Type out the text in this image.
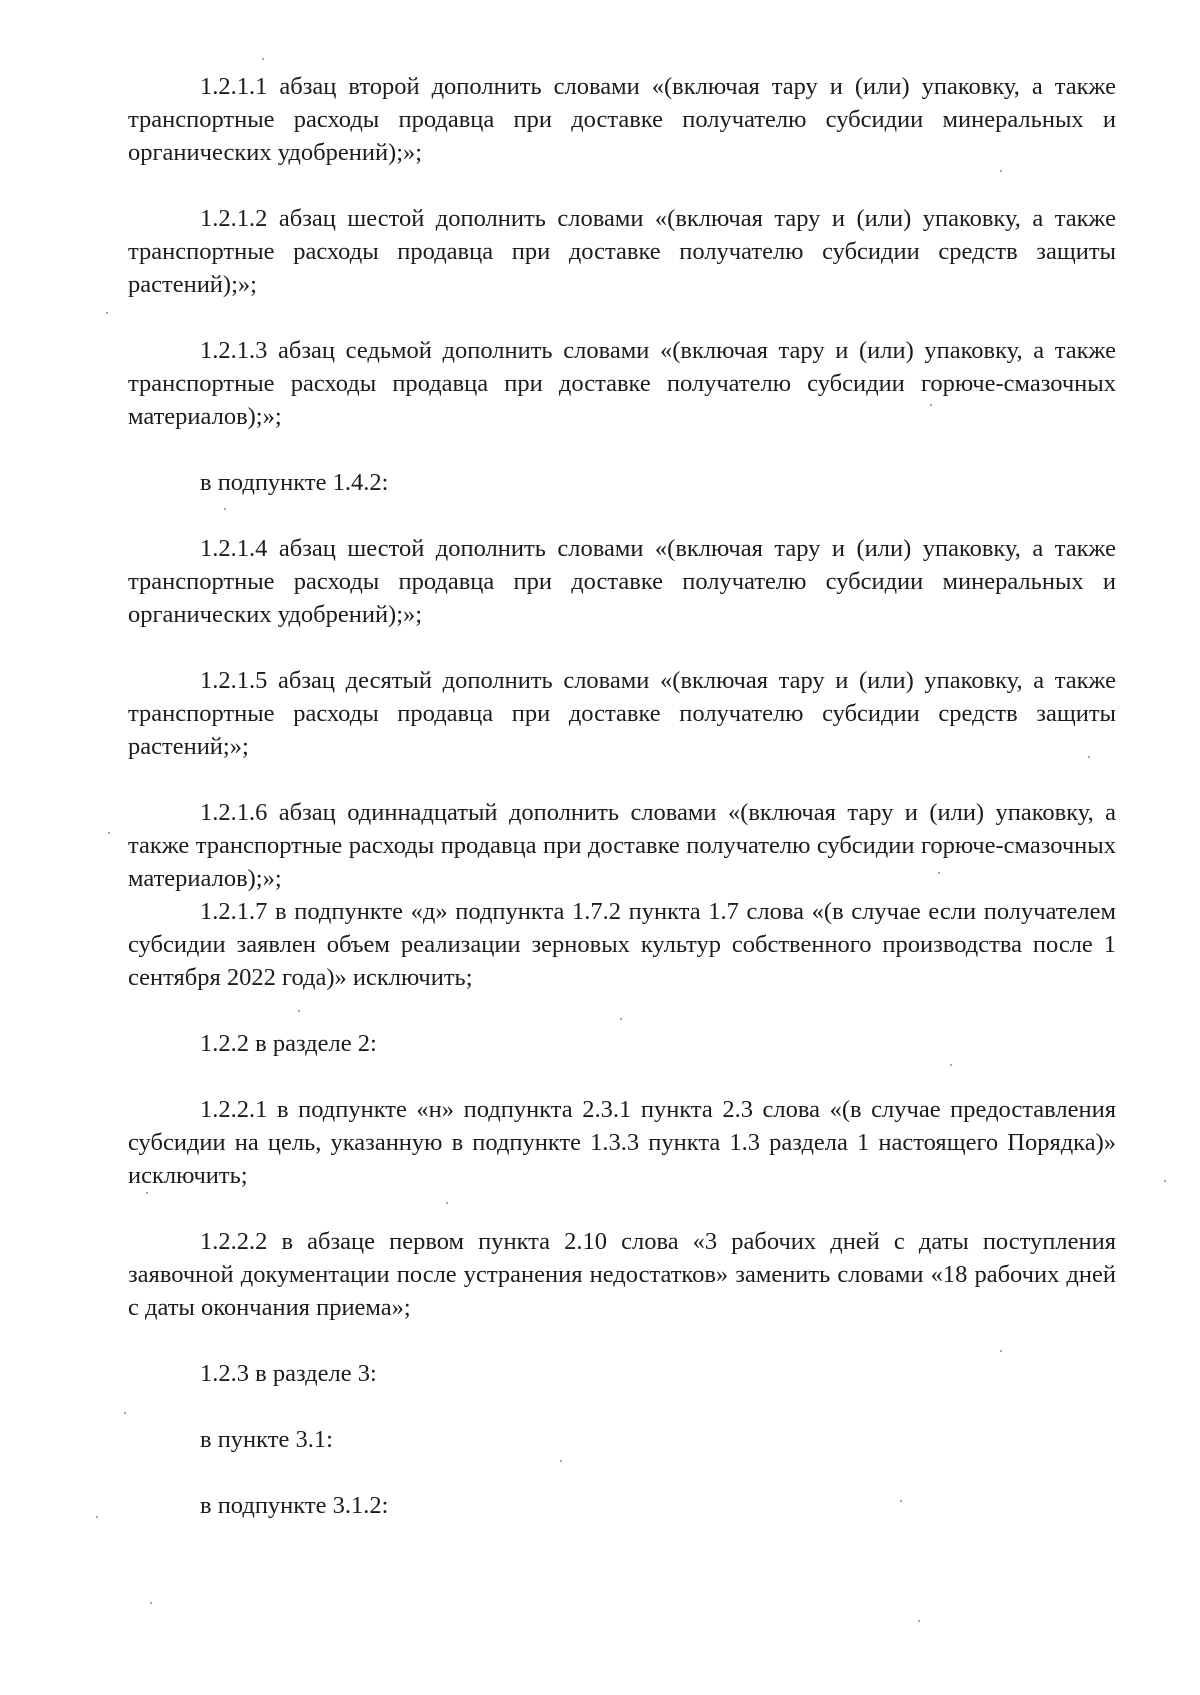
1.2.1.1 абзац второй дополнить словами «(включая тару и (или) упаковку, а также транспортные расходы продавца при доставке получателю субсидии минеральных и органических удобрений);»;

1.2.1.2 абзац шестой дополнить словами «(включая тару и (или) упаковку, а также транспортные расходы продавца при доставке получателю субсидии средств защиты растений);»;

1.2.1.3 абзац седьмой дополнить словами «(включая тару и (или) упаковку, а также транспортные расходы продавца при доставке получателю субсидии горюче-смазочных материалов);»;

в подпункте 1.4.2:

1.2.1.4 абзац шестой дополнить словами «(включая тару и (или) упаковку, а также транспортные расходы продавца при доставке получателю субсидии минеральных и органических удобрений);»;

1.2.1.5 абзац десятый дополнить словами «(включая тару и (или) упаковку, а также транспортные расходы продавца при доставке получателю субсидии средств защиты растений;»;

1.2.1.6 абзац одиннадцатый дополнить словами «(включая тару и (или) упаковку, а также транспортные расходы продавца при доставке получателю субсидии горюче-смазочных материалов);»;

1.2.1.7 в подпункте «д» подпункта 1.7.2 пункта 1.7 слова «(в случае если получателем субсидии заявлен объем реализации зерновых культур собственного производства после 1 сентября 2022 года)» исключить;

1.2.2 в разделе 2:

1.2.2.1 в подпункте «н» подпункта 2.3.1 пункта 2.3 слова «(в случае предоставления субсидии на цель, указанную в подпункте 1.3.3 пункта 1.3 раздела 1 настоящего Порядка)» исключить;

1.2.2.2 в абзаце первом пункта 2.10 слова «3 рабочих дней с даты поступления заявочной документации после устранения недостатков» заменить словами «18 рабочих дней с даты окончания приема»;

1.2.3 в разделе 3:

в пункте 3.1:

в подпункте 3.1.2:
